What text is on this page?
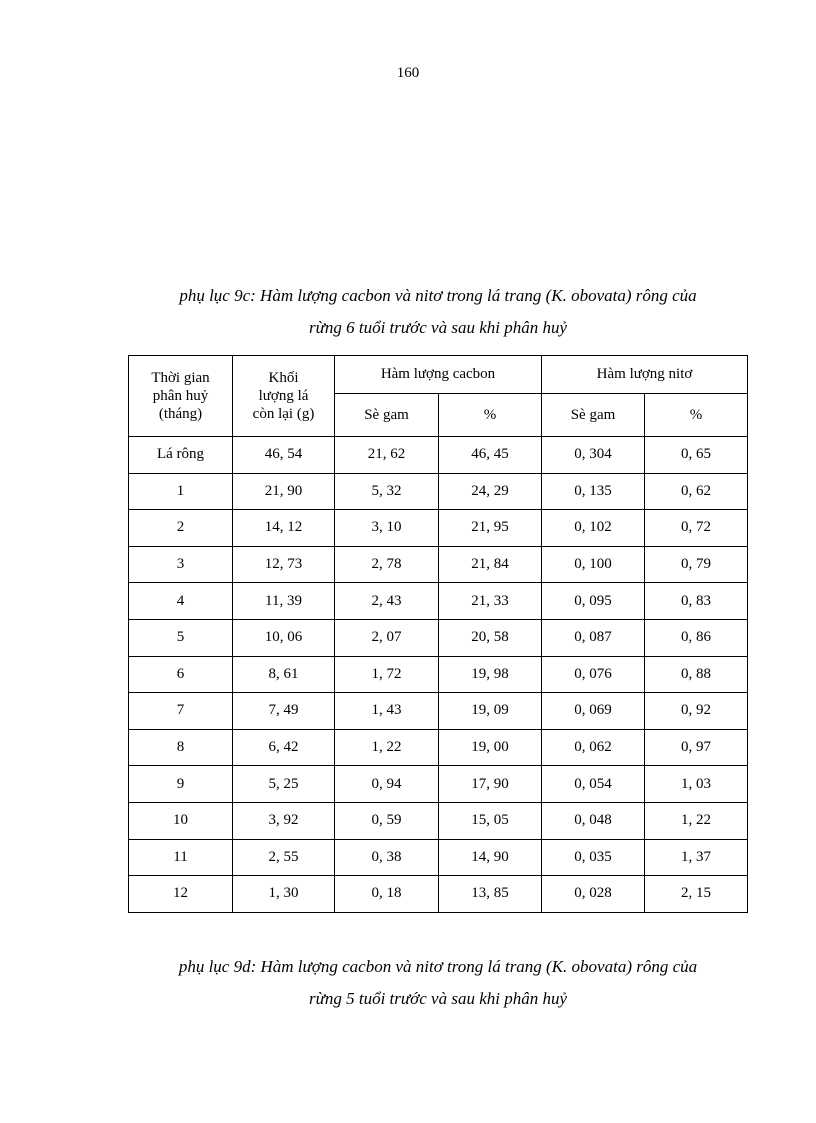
160
phụ lục 9c: Hàm lượng cacbon và nitơ trong lá trang (K. obovata) rông của
rừng 6 tuổi trước và sau khi phân huỷ
Thời gian
phân huỷ
(tháng)	Khối
lượng lá
còn lại (g)	Hàm lượng cacbon		Hàm lượng nitơ	
		Sè gam	%	Sè gam	%
Lá rông	46, 54	21, 62	46, 45	0, 304	0, 65
1	21, 90	5, 32	24, 29	0, 135	0, 62
2	14, 12	3, 10	21, 95	0, 102	0, 72
3	12, 73	2, 78	21, 84	0, 100	0, 79
4	11, 39	2, 43	21, 33	0, 095	0, 83
5	10, 06	2, 07	20, 58	0, 087	0, 86
6	8, 61	1, 72	19, 98	0, 076	0, 88
7	7, 49	1, 43	19, 09	0, 069	0, 92
8	6, 42	1, 22	19, 00	0, 062	0, 97
9	5, 25	0, 94	17, 90	0, 054	1, 03
10	3, 92	0, 59	15, 05	0, 048	1, 22
11	2, 55	0, 38	14, 90	0, 035	1, 37
12	1, 30	0, 18	13, 85	0, 028	2, 15
phụ lục 9d: Hàm lượng cacbon và nitơ trong lá trang (K. obovata) rông của
rừng 5 tuổi trước và sau khi phân huỷ
